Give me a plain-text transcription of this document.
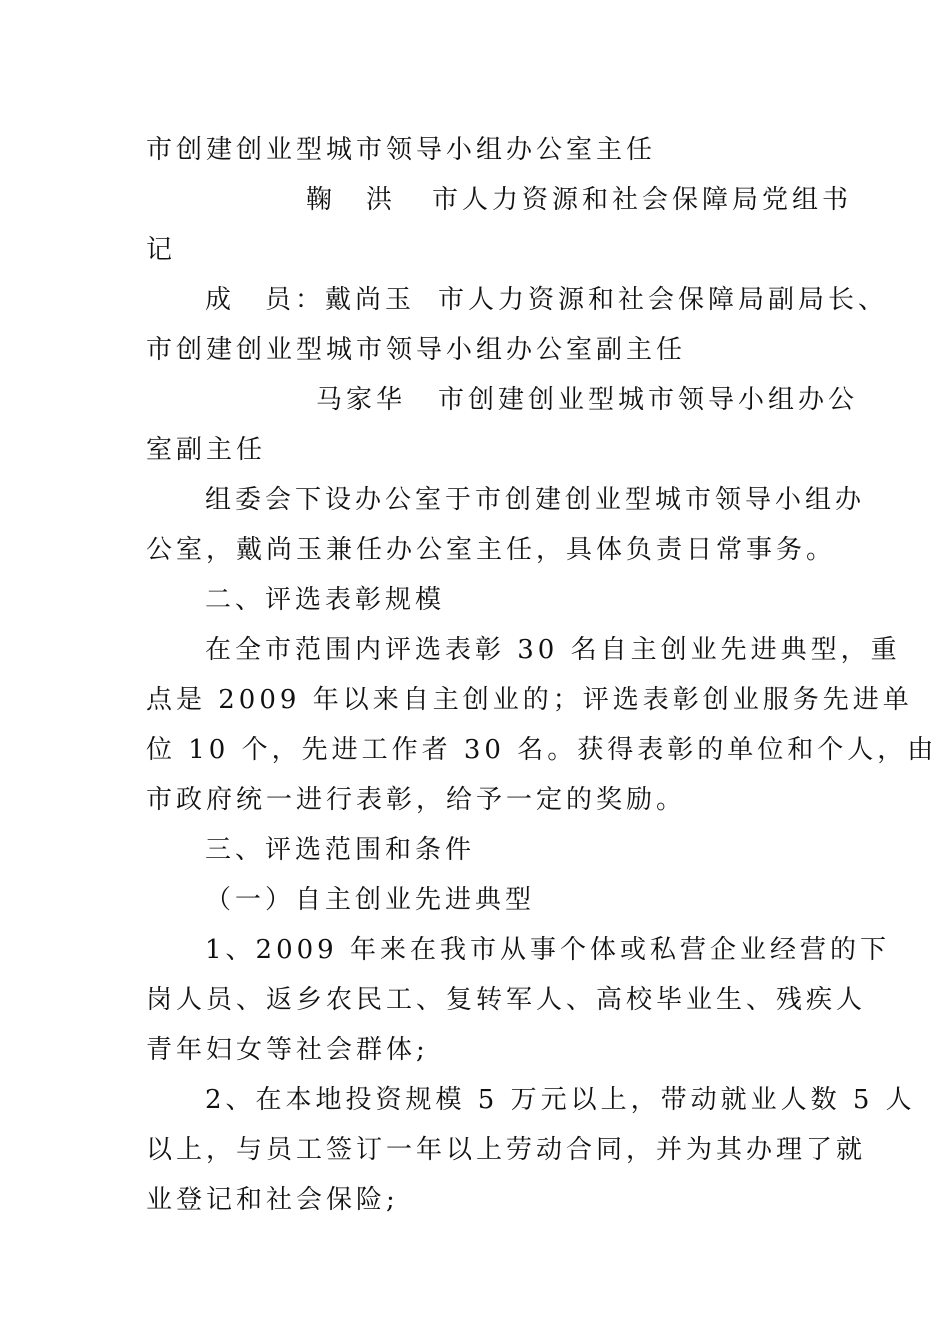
市创建创业型城市领导小组办公室主任
鞠　洪	市人力资源和社会保障局党组书
记
成　员：戴尚玉 市人力资源和社会保障局副局长、
市创建创业型城市领导小组办公室副主任
马家华	市创建创业型城市领导小组办公
室副主任
组委会下设办公室于市创建创业型城市领导小组办
公室，戴尚玉兼任办公室主任，具体负责日常事务。
二、评选表彰规模
在全市范围内评选表彰 30 名自主创业先进典型，重
点是 2009 年以来自主创业的；评选表彰创业服务先进单
位 10 个，先进工作者 30 名。获得表彰的单位和个人，由
市政府统一进行表彰，给予一定的奖励。
三、评选范围和条件
（一）自主创业先进典型
1、2009 年来在我市从事个体或私营企业经营的下
岗人员、返乡农民工、复转军人、高校毕业生、残疾人
青年妇女等社会群体;
2、在本地投资规模 5 万元以上，带动就业人数 5 人
以上，与员工签订一年以上劳动合同，并为其办理了就
业登记和社会保险;
